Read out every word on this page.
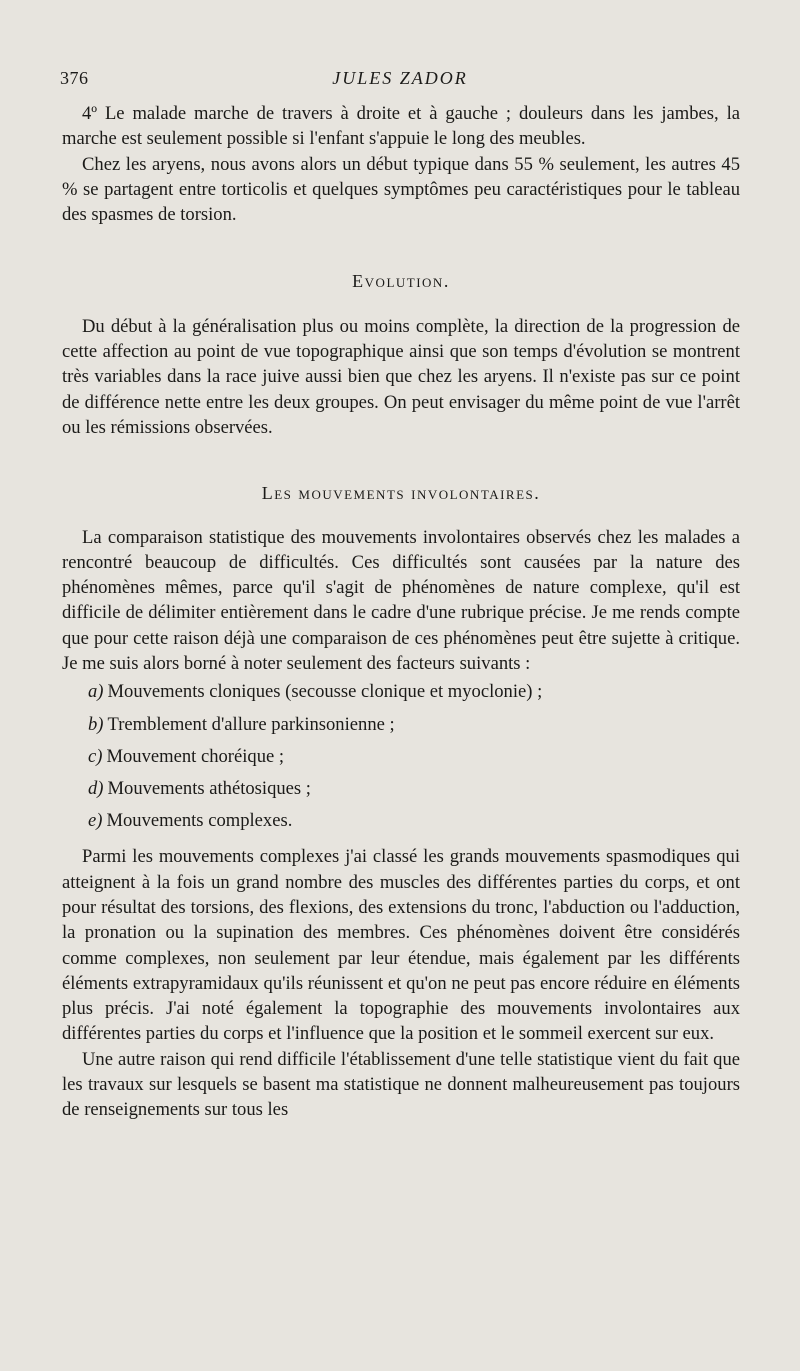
376	JULES ZADOR

4º Le malade marche de travers à droite et à gauche ; douleurs dans les jambes, la marche est seulement possible si l'enfant s'appuie le long des meubles.

Chez les aryens, nous avons alors un début typique dans 55 % seulement, les autres 45 % se partagent entre torticolis et quelques symptômes peu caractéristiques pour le tableau des spasmes de torsion.

Evolution.

Du début à la généralisation plus ou moins complète, la direction de la progression de cette affection au point de vue topographique ainsi que son temps d'évolution se montrent très variables dans la race juive aussi bien que chez les aryens. Il n'existe pas sur ce point de différence nette entre les deux groupes. On peut envisager du même point de vue l'arrêt ou les rémissions observées.

Les mouvements involontaires.

La comparaison statistique des mouvements involontaires observés chez les malades a rencontré beaucoup de difficultés. Ces difficultés sont causées par la nature des phénomènes mêmes, parce qu'il s'agit de phénomènes de nature complexe, qu'il est difficile de délimiter entièrement dans le cadre d'une rubrique précise. Je me rends compte que pour cette raison déjà une comparaison de ces phénomènes peut être sujette à critique. Je me suis alors borné à noter seulement des facteurs suivants :

a) Mouvements cloniques (secousse clonique et myoclonie) ;
b) Tremblement d'allure parkinsonienne ;
c) Mouvement choréique ;
d) Mouvements athétosiques ;
e) Mouvements complexes.

Parmi les mouvements complexes j'ai classé les grands mouvements spasmodiques qui atteignent à la fois un grand nombre des muscles des différentes parties du corps, et ont pour résultat des torsions, des flexions, des extensions du tronc, l'abduction ou l'adduction, la pronation ou la supination des membres. Ces phénomènes doivent être considérés comme complexes, non seulement par leur étendue, mais également par les différents éléments extrapyramidaux qu'ils réunissent et qu'on ne peut pas encore réduire en éléments plus précis. J'ai noté également la topographie des mouvements involontaires aux différentes parties du corps et l'influence que la position et le sommeil exercent sur eux.

Une autre raison qui rend difficile l'établissement d'une telle statistique vient du fait que les travaux sur lesquels se basent ma statistique ne donnent malheureusement pas toujours de renseignements sur tous les
